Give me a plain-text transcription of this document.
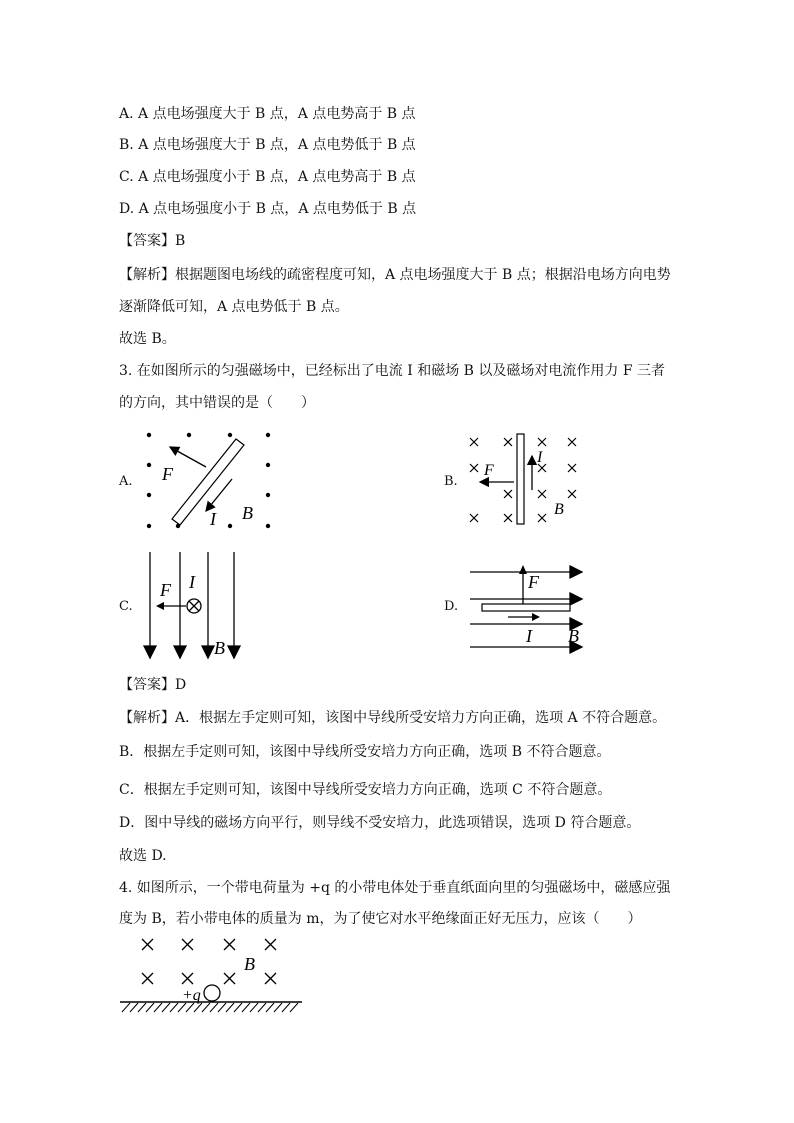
A. A 点电场强度大于 B 点，A 点电势高于 B 点
B. A 点电场强度大于 B 点，A 点电势低于 B 点
C. A 点电场强度小于 B 点，A 点电势高于 B 点
D. A 点电场强度小于 B 点，A 点电势低于 B 点
【答案】B
【解析】根据题图电场线的疏密程度可知，A 点电场强度大于 B 点；根据沿电场方向电势
逐渐降低可知，A 点电势低于 B 点。
故选 B。
3. 在如图所示的匀强磁场中，已经标出了电流 I 和磁场 B 以及磁场对电流作用力 F 三者
的方向，其中错误的是（　　）
A. F
I B
B.
F
I
B
C.
F I
B
D.
F
I B
【答案】D
【解析】A．根据左手定则可知，该图中导线所受安培力方向正确，选项 A 不符合题意。
B．根据左手定则可知，该图中导线所受安培力方向正确，选项 B 不符合题意。
C．根据左手定则可知，该图中导线所受安培力方向正确，选项 C 不符合题意。
D．图中导线的磁场方向平行，则导线不受安培力，此选项错误，选项 D 符合题意。
故选 D.
4. 如图所示，一个带电荷量为 +q 的小带电体处于垂直纸面向里的匀强磁场中，磁感应强
度为 B，若小带电体的质量为 m，为了使它对水平绝缘面正好无压力，应该（　　）
B
+q
